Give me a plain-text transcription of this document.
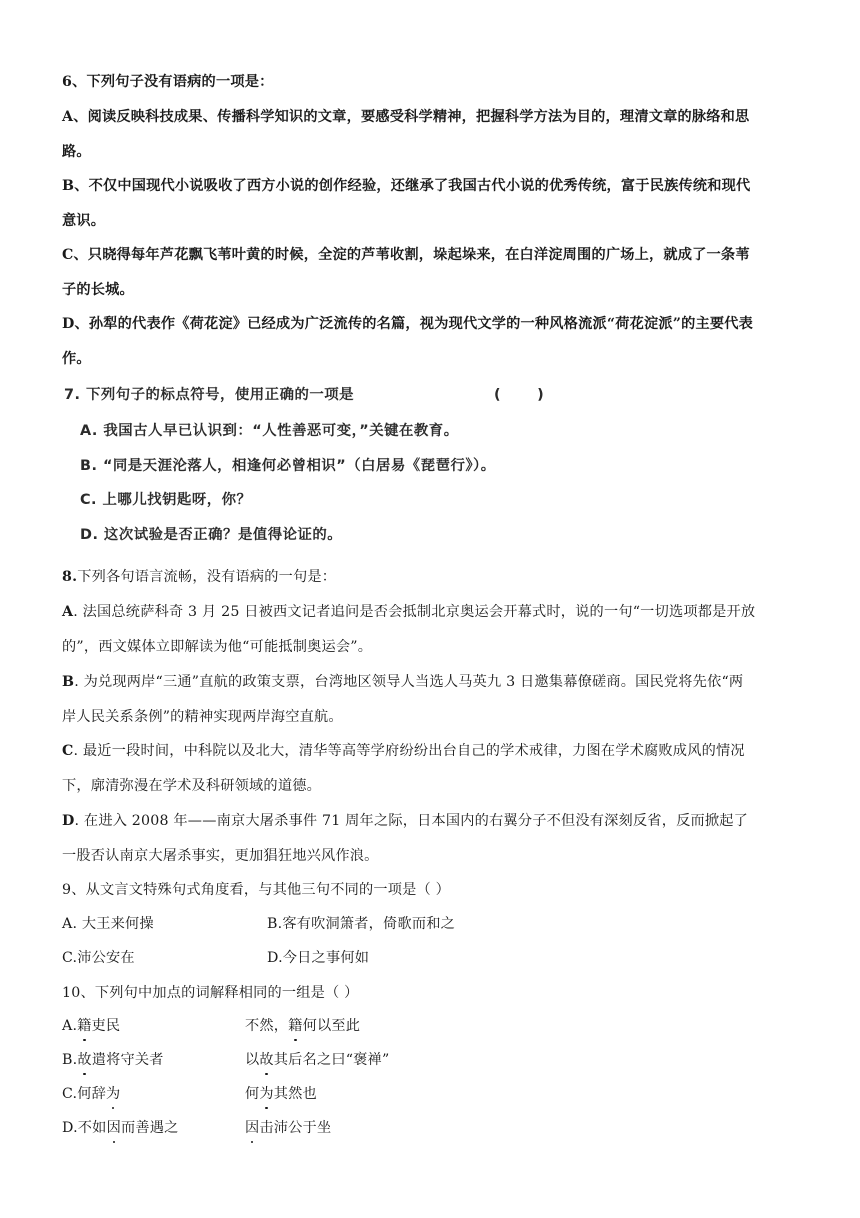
6、下列句子没有语病的一项是：
A、阅读反映科技成果、传播科学知识的文章，要感受科学精神，把握科学方法为目的，理清文章的脉络和思
路。
B、不仅中国现代小说吸收了西方小说的创作经验，还继承了我国古代小说的优秀传统，富于民族传统和现代
意识。
C、只晓得每年芦花飘飞苇叶黄的时候，全淀的芦苇收割，垛起垛来，在白洋淀周围的广场上，就成了一条苇
子的长城。
D、孙犁的代表作《荷花淀》已经成为广泛流传的名篇，视为现代文学的一种风格流派“荷花淀派”的主要代表
作。
7. 下列句子的标点符号，使用正确的一项是	(	)
A. 我国古人早已认识到：“人性善恶可变，”关键在教育。
B. “同是天涯沦落人，相逢何必曾相识”（白居易《琵琶行》）。
C. 上哪儿找钥匙呀，你？
D. 这次试验是否正确？是值得论证的。
8.下列各句语言流畅，没有语病的一句是：
A. 法国总统萨科奇 3 月 25 日被西文记者追问是否会抵制北京奥运会开幕式时，说的一句“一切选项都是开放
的”，西文媒体立即解读为他“可能抵制奥运会”。
B. 为兑现两岸“三通”直航的政策支票，台湾地区领导人当选人马英九 3 日邀集幕僚磋商。国民党将先依“两
岸人民关系条例”的精神实现两岸海空直航。
C. 最近一段时间，中科院以及北大，清华等高等学府纷纷出台自己的学术戒律，力图在学术腐败成风的情况
下，廓清弥漫在学术及科研领域的道德。
D. 在进入 2008 年——南京大屠杀事件 71 周年之际，日本国内的右翼分子不但没有深刻反省，反而掀起了
一股否认南京大屠杀事实，更加猖狂地兴风作浪。
9、从文言文特殊句式角度看，与其他三句不同的一项是（ ）
A. 大王来何操	B.客有吹洞箫者，倚歌而和之
C.沛公安在	D.今日之事何如
10、下列句中加点的词解释相同的一组是（ ）
A.籍吏民	不然，籍何以至此
B.故遣将守关者	以故其后名之曰“褒禅”
C.何辞为	何为其然也
D.不如因而善遇之	因击沛公于坐
